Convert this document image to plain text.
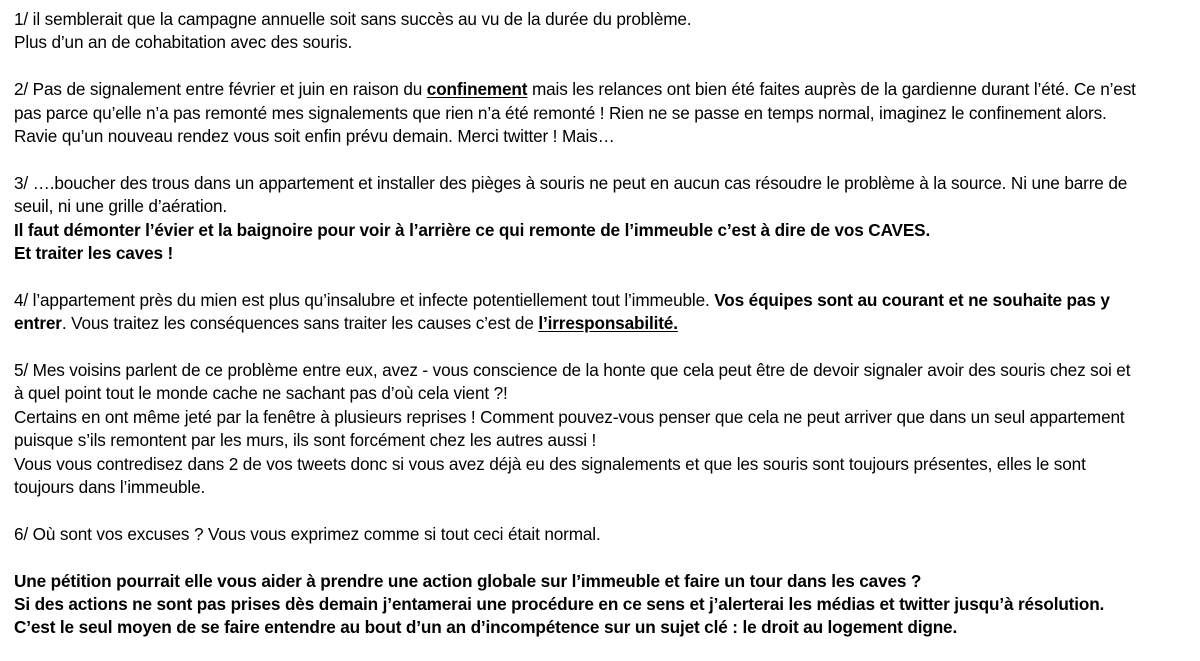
1/ il semblerait que la campagne annuelle soit sans succès au vu de la durée du problème.
Plus d’un an de cohabitation avec des souris.
2/ Pas de signalement entre février et juin en raison du confinement mais les relances ont bien été faites auprès de la gardienne durant l’été. Ce n’est
pas parce qu’elle n’a pas remonté mes signalements que rien n’a été remonté ! Rien ne se passe en temps normal, imaginez le confinement alors.
Ravie qu’un nouveau rendez vous soit enfin prévu demain. Merci twitter ! Mais…
3/ ….boucher des trous dans un appartement et installer des pièges à souris ne peut en aucun cas résoudre le problème à la source. Ni une barre de
seuil, ni une grille d’aération.
Il faut démonter l’évier et la baignoire pour voir à l’arrière ce qui remonte de l’immeuble c’est à dire de vos CAVES.
Et traiter les caves !
4/ l’appartement près du mien est plus qu’insalubre et infecte potentiellement tout l’immeuble. Vos équipes sont au courant et ne souhaite pas y
entrer. Vous traitez les conséquences sans traiter les causes c’est de l’irresponsabilité.
5/ Mes voisins parlent de ce problème entre eux, avez - vous conscience de la honte que cela peut être de devoir signaler avoir des souris chez soi et
à quel point tout le monde cache ne sachant pas d’où cela vient ?!
Certains en ont même jeté par la fenêtre à plusieurs reprises ! Comment pouvez-vous penser que cela ne peut arriver que dans un seul appartement
puisque s’ils remontent par les murs, ils sont forcément chez les autres aussi !
Vous vous contredisez dans 2 de vos tweets donc si vous avez déjà eu des signalements et que les souris sont toujours présentes, elles le sont
toujours dans l’immeuble.
6/ Où sont vos excuses ? Vous vous exprimez comme si tout ceci était normal.
Une pétition pourrait elle vous aider à prendre une action globale sur l’immeuble et faire un tour dans les caves ?
Si des actions ne sont pas prises dès demain j’entamerai une procédure en ce sens et j’alerterai les médias et twitter jusqu’à résolution.
C’est le seul moyen de se faire entendre au bout d’un an d’incompétence sur un sujet clé : le droit au logement digne.
